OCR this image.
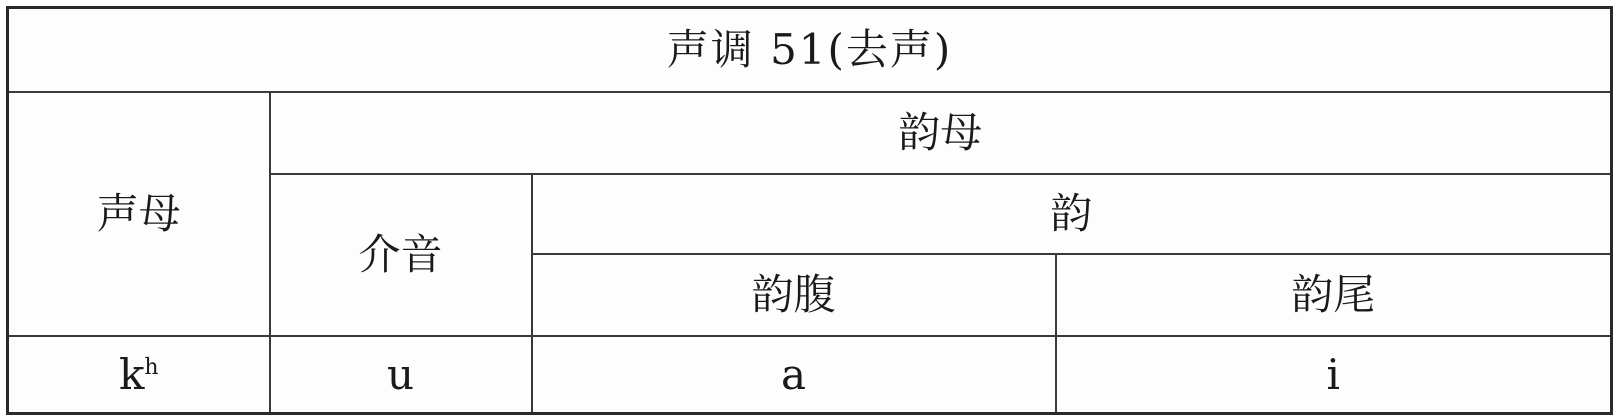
声调 51(去声)			
声母	韵母		
	介音	韵	
		韵腹	韵尾
$k^h$	u	a	i
